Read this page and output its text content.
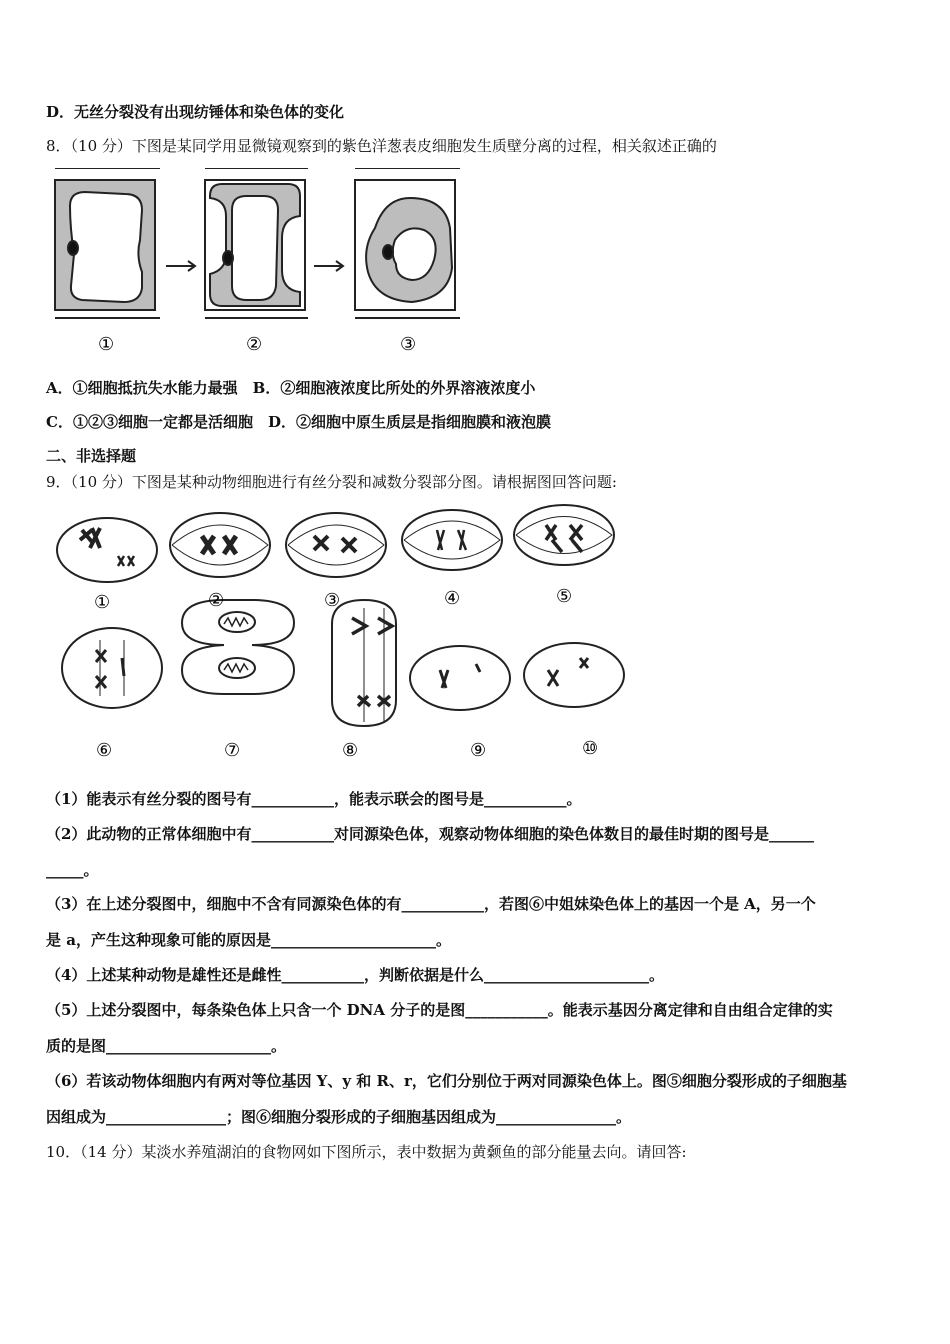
D．无丝分裂没有出现纺锤体和染色体的变化
8．（10 分）下图是某同学用显微镜观察到的紫色洋葱表皮细胞发生质壁分离的过程，相关叙述正确的
①	②	③
A．①细胞抵抗失水能力最强　B．②细胞液浓度比所处的外界溶液浓度小
C．①②③细胞一定都是活细胞　D．②细胞中原生质层是指细胞膜和液泡膜
二、非选择题
9．（10 分）下图是某种动物细胞进行有丝分裂和减数分裂部分图。请根据图回答问题:
①	②	③	④	⑤
⑥	⑦	⑧	⑨	⑩
（1）能表示有丝分裂的图号有___________，能表示联会的图号是___________。
（2）此动物的正常体细胞中有___________对同源染色体，观察动物体细胞的染色体数目的最佳时期的图号是______
_____。
（3）在上述分裂图中，细胞中不含有同源染色体的有___________，若图⑥中姐妹染色体上的基因一个是 A，另一个
是 a，产生这种现象可能的原因是______________________。
（4）上述某种动物是雄性还是雌性___________，判断依据是什么______________________。
（5）上述分裂图中，每条染色体上只含一个 DNA 分子的是图___________。能表示基因分离定律和自由组合定律的实
质的是图______________________。
（6）若该动物体细胞内有两对等位基因 Y、y 和 R、r，它们分别位于两对同源染色体上。图⑤细胞分裂形成的子细胞基
因组成为________________；图⑥细胞分裂形成的子细胞基因组成为________________。
10．（14 分）某淡水养殖湖泊的食物网如下图所示，表中数据为黄颡鱼的部分能量去向。请回答:
